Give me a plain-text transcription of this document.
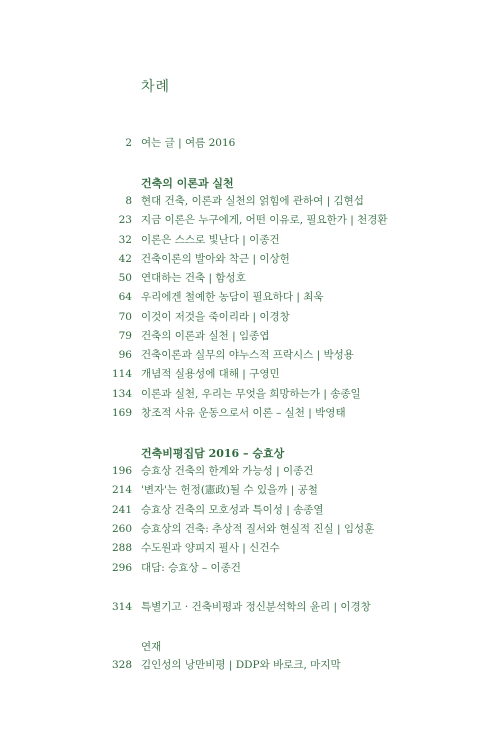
차례
2 여는 글 | 여름 2016
건축의 이론과 실천
8 현대 건축, 이론과 실천의 얽힘에 관하여 | 김현섭
23 지금 이론은 누구에게, 어떤 이유로, 필요한가 | 천경환
32 이론은 스스로 빛난다 | 이종건
42 건축이론의 발아와 착근 | 이상헌
50 연대하는 건축 | 함성호
64 우리에겐 철예한 농담이 필요하다 | 최욱
70 이것이 저것을 죽이리라 | 이경창
79 건축의 이론과 실천 | 임종엽
96 건축이론과 실무의 야누스적 프락시스 | 박성용
114 개념적 실용성에 대해 | 구영민
134 이론과 실천, 우리는 무엇을 희망하는가 | 송종일
169 창조적 사유 운동으로서 이론 – 실천 | 박영태
건축비평집담 2016 – 승효상
196 승효상 건축의 한계와 가능성 | 이종건
214 '변자'는 헌정(憲政)될 수 있을까 | 공철
241 승효상 건축의 모호성과 특이성 | 송종열
260 승효상의 건축: 추상적 질서와 현실적 진실 | 임성훈
288 수도원과 양피지 필사 | 신건수
296 대담: 승효상 – 이종건
314 특별기고 · 건축비평과 정신분석학의 윤리 | 이경창
연재
328 김인성의 낭만비평 | DDP와 바로크, 마지막
